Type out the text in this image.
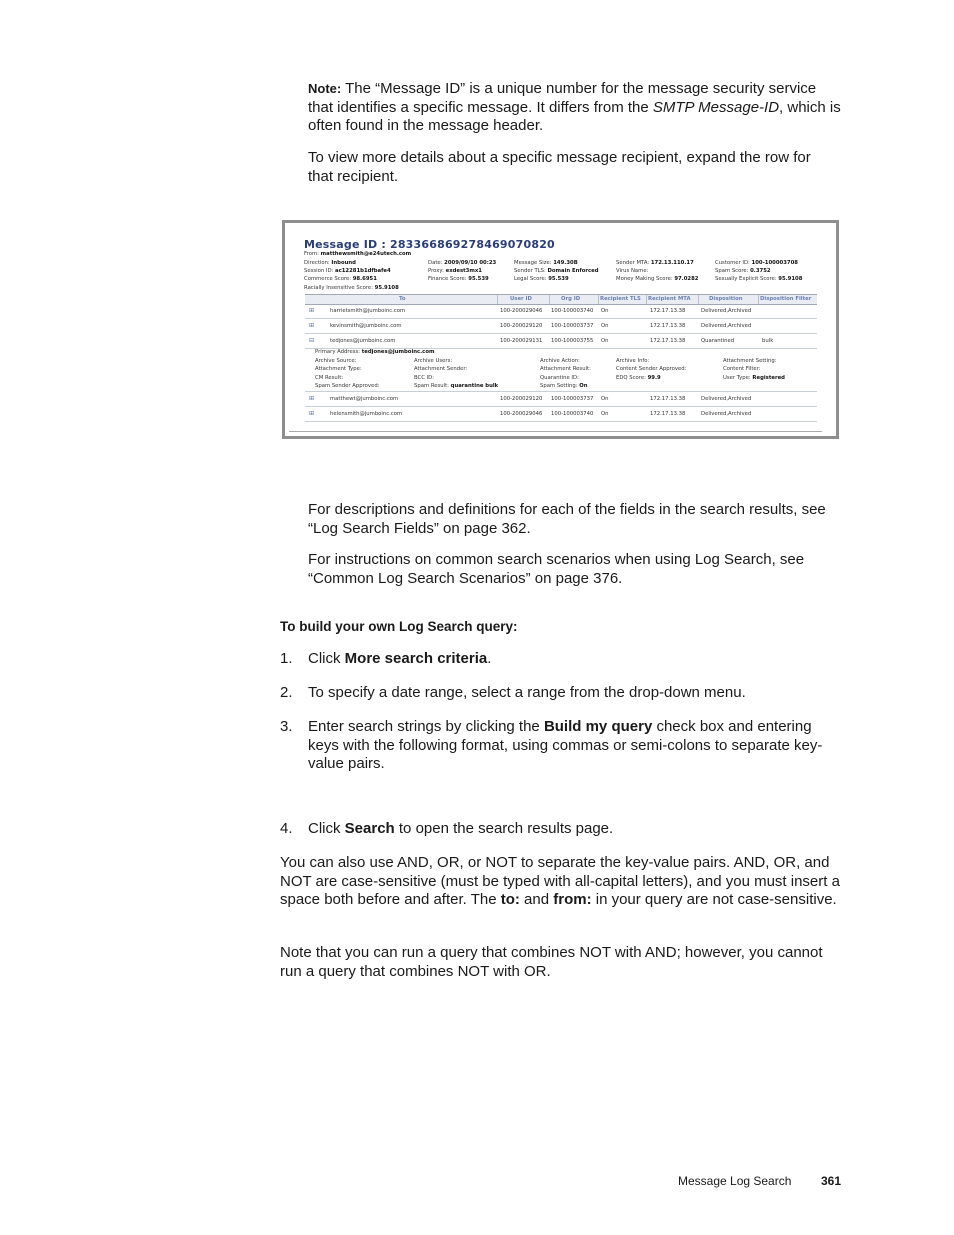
Note: The “Message ID” is a unique number for the message security service that identifies a specific message. It differs from the SMTP Message-ID, which is often found in the message header.

To view more details about a specific message recipient, expand the row for that recipient.

Message ID : 283366869278469070820
From: matthewsmith@e24utech.com
Direction: Inbound	Date: 2009/09/10 00:23	Message Size: 149.30B	Sender MTA: 172.13.110.17	Customer ID: 100-100003708
Session ID: ac12281b1dfbafe4	Proxy: exdest3mx1	Sender TLS: Domain Enforced	Virus Name:	Spam Score: 0.3752
Commerce Score: 98.6951	Finance Score: 95.539	Legal Score: 95.539	Money Making Score: 97.0282	Sexually Explicit Score: 95.9108
Racially Insensitive Score: 95.9108
To	User ID	Org ID	Recipient TLS Recipient MTA	Disposition	Disposition Filter
⊞	harrietsmith@jumboinc.com	100-200029046 100-100003740 On	172.17.13.38	Delivered,Archived
⊞	kevinsmith@jumboinc.com	100-200029120 100-100003737 On	172.17.13.38	Delivered,Archived
⊟	tedjones@jumboinc.com	100-200029131 100-100003755 On	172.17.13.38	Quarantined	bulk
Primary Address: tedjones@jumboinc.com
Archive Source:	Archive Users:	Archive Action:	Archive Info:	Attachment Setting:
Attachment Type:	Attachment Sender:	Attachment Result:	Content Sender Approved:	Content Filter:
CM Result:	BCC ID:	Quarantine ID:	EDQ Score: 99.9	User Type: Registered
Spam Sender Approved:	Spam Result: quarantine bulk	Spam Setting: On
⊞	matthewt@jumboinc.com	100-200029120 100-100003737 On	172.17.13.38	Delivered,Archived
⊞	helensmith@jumboinc.com	100-200029046 100-100003740 On	172.17.13.38	Delivered,Archived

For descriptions and definitions for each of the fields in the search results, see “Log Search Fields” on page 362.

For instructions on common search scenarios when using Log Search, see “Common Log Search Scenarios” on page 376.

To build your own Log Search query:

1. Click More search criteria.
2. To specify a date range, select a range from the drop-down menu.
3. Enter search strings by clicking the Build my query check box and entering keys with the following format, using commas or semi-colons to separate key-value pairs.
4. Click Search to open the search results page.

You can also use AND, OR, or NOT to separate the key-value pairs. AND, OR, and NOT are case-sensitive (must be typed with all-capital letters), and you must insert a space both before and after. The to: and from: in your query are not case-sensitive.

Note that you can run a query that combines NOT with AND; however, you cannot run a query that combines NOT with OR.

Message Log Search 361
